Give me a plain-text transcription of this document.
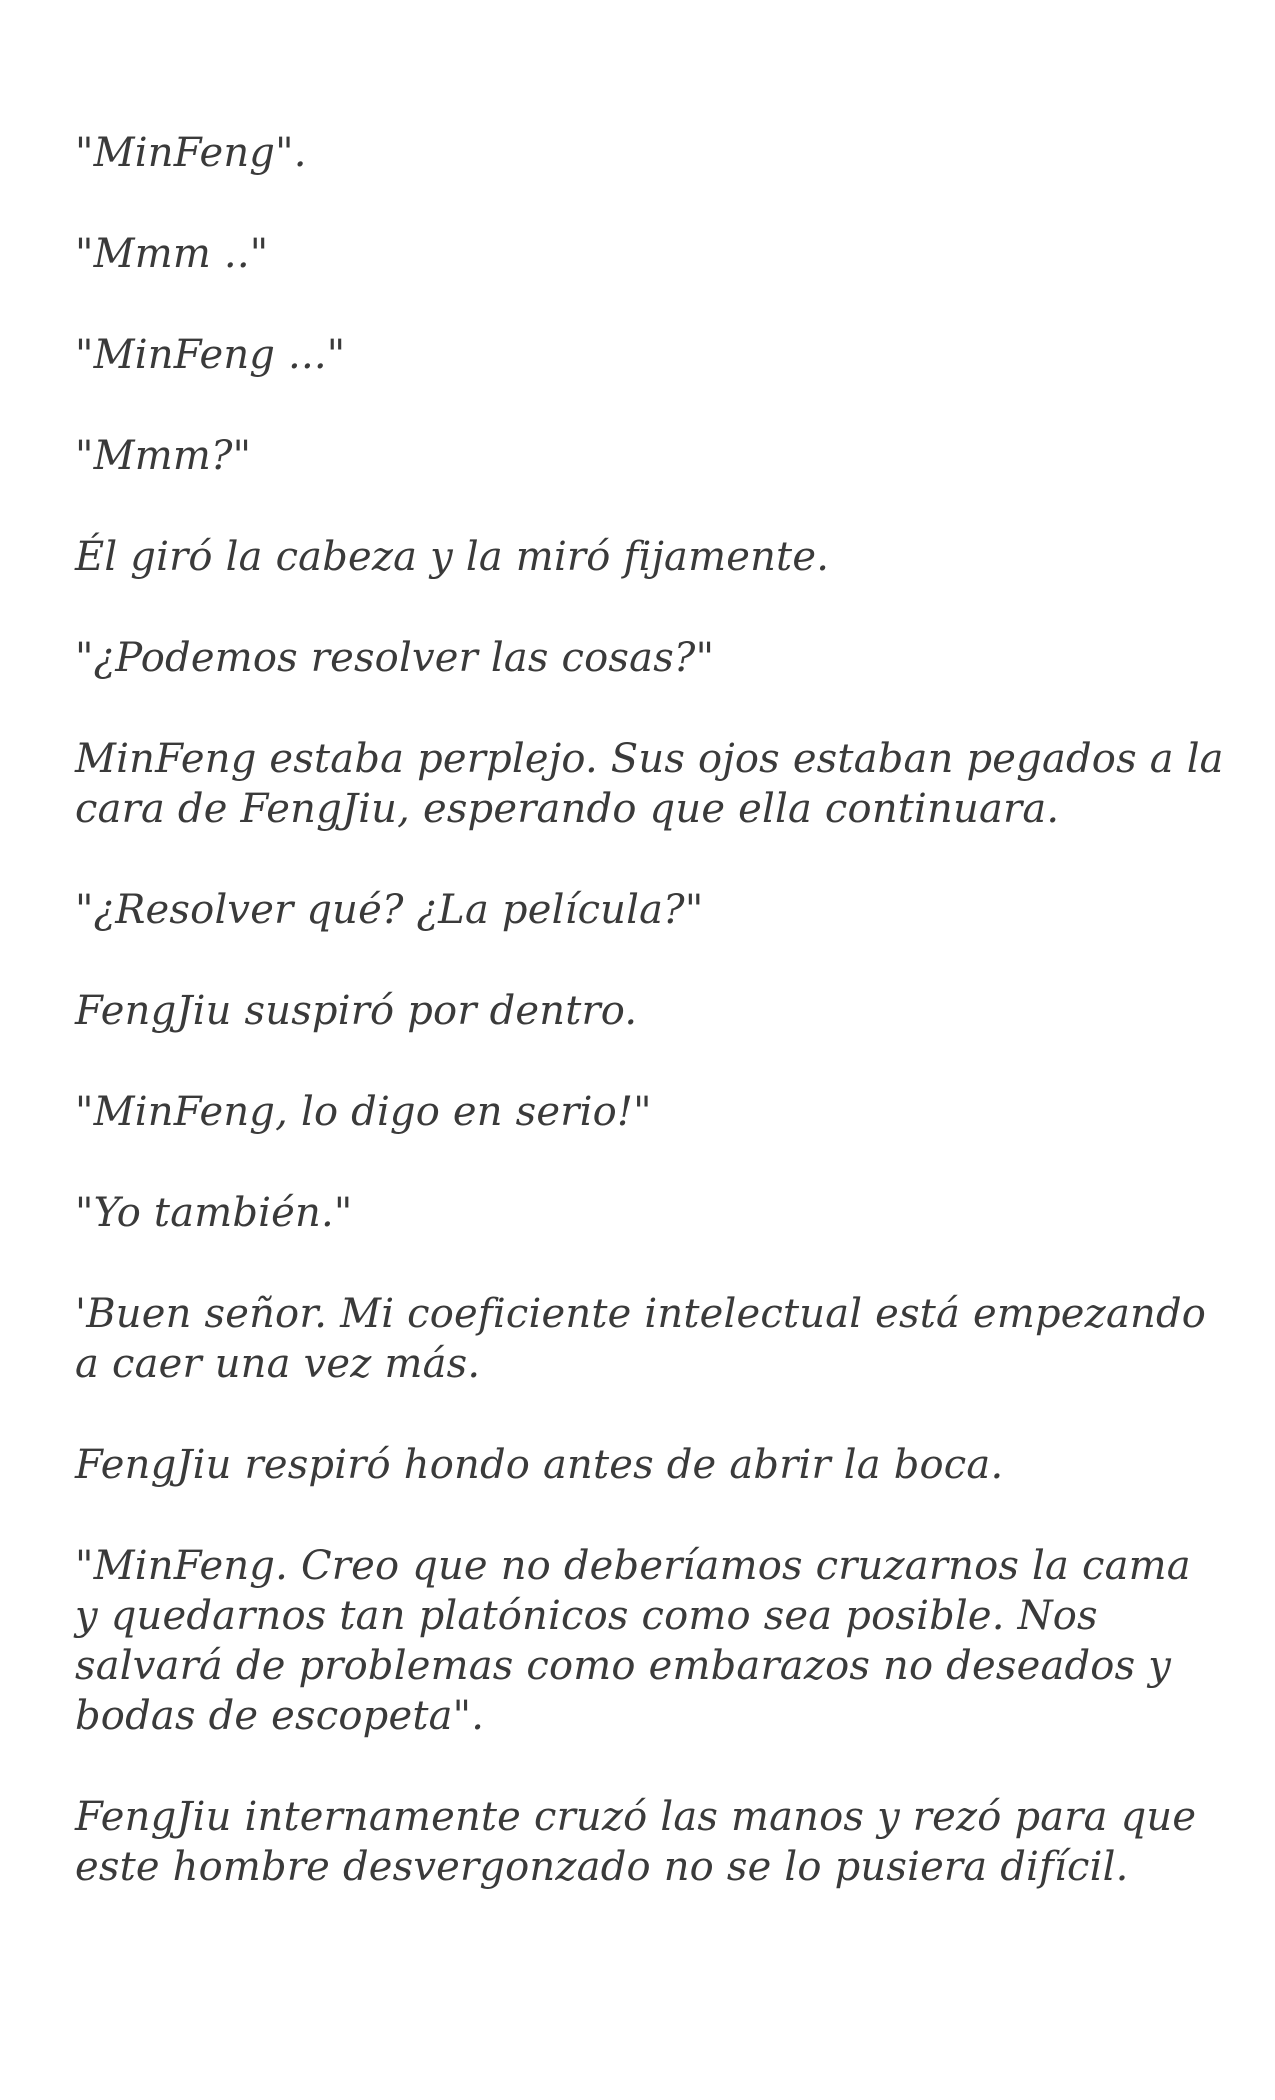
"MinFeng".

"Mmm .."

"MinFeng ..."

"Mmm?"

Él giró la cabeza y la miró fijamente.

"¿Podemos resolver las cosas?"

MinFeng estaba perplejo. Sus ojos estaban pegados a la cara de FengJiu, esperando que ella continuara.

"¿Resolver qué? ¿La película?"

FengJiu suspiró por dentro.

"MinFeng, lo digo en serio!"

"Yo también."

'Buen señor. Mi coeficiente intelectual está empezando a caer una vez más.

FengJiu respiró hondo antes de abrir la boca.

"MinFeng. Creo que no deberíamos cruzarnos la cama y quedarnos tan platónicos como sea posible. Nos salvará de problemas como embarazos no deseados y bodas de escopeta".

FengJiu internamente cruzó las manos y rezó para que este hombre desvergonzado no se lo pusiera difícil.
